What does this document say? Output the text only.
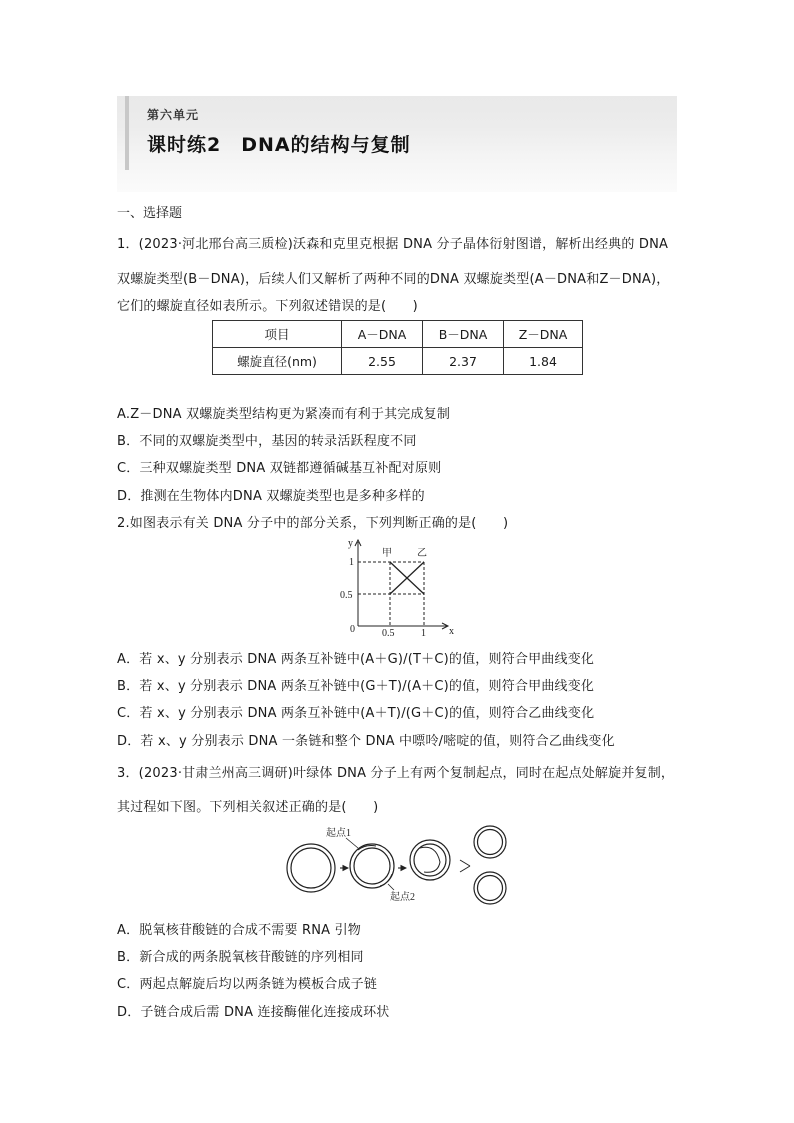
第六单元
课时练2　DNA的结构与复制
一、选择题
1．(2023·河北邢台高三质检)沃森和克里克根据 DNA 分子晶体衍射图谱，解析出经典的 DNA
双螺旋类型(B－DNA)，后续人们又解析了两种不同的DNA 双螺旋类型(A－DNA和Z－DNA)，
它们的螺旋直径如表所示。下列叙述错误的是(　　)
项目	A－DNA	B－DNA	Z－DNA
螺旋直径(nm)	2.55	2.37	1.84
A.Z－DNA 双螺旋类型结构更为紧凑而有利于其完成复制
B．不同的双螺旋类型中，基因的转录活跃程度不同
C．三种双螺旋类型 DNA 双链都遵循碱基互补配对原则
D．推测在生物体内DNA 双螺旋类型也是多种多样的
2.如图表示有关 DNA 分子中的部分关系，下列判断正确的是(　　)
y
x
0
1
0.5
0.5	1
甲	乙
A．若 x、y 分别表示 DNA 两条互补链中(A＋G)/(T＋C)的值，则符合甲曲线变化
B．若 x、y 分别表示 DNA 两条互补链中(G＋T)/(A＋C)的值，则符合甲曲线变化
C．若 x、y 分别表示 DNA 两条互补链中(A＋T)/(G＋C)的值，则符合乙曲线变化
D．若 x、y 分别表示 DNA 一条链和整个 DNA 中嘌呤/嘧啶的值，则符合乙曲线变化
3．(2023·甘肃兰州高三调研)叶绿体 DNA 分子上有两个复制起点，同时在起点处解旋并复制，
其过程如下图。下列相关叙述正确的是(　　)
起点1
起点2
A．脱氧核苷酸链的合成不需要 RNA 引物
B．新合成的两条脱氧核苷酸链的序列相同
C．两起点解旋后均以两条链为模板合成子链
D．子链合成后需 DNA 连接酶催化连接成环状
